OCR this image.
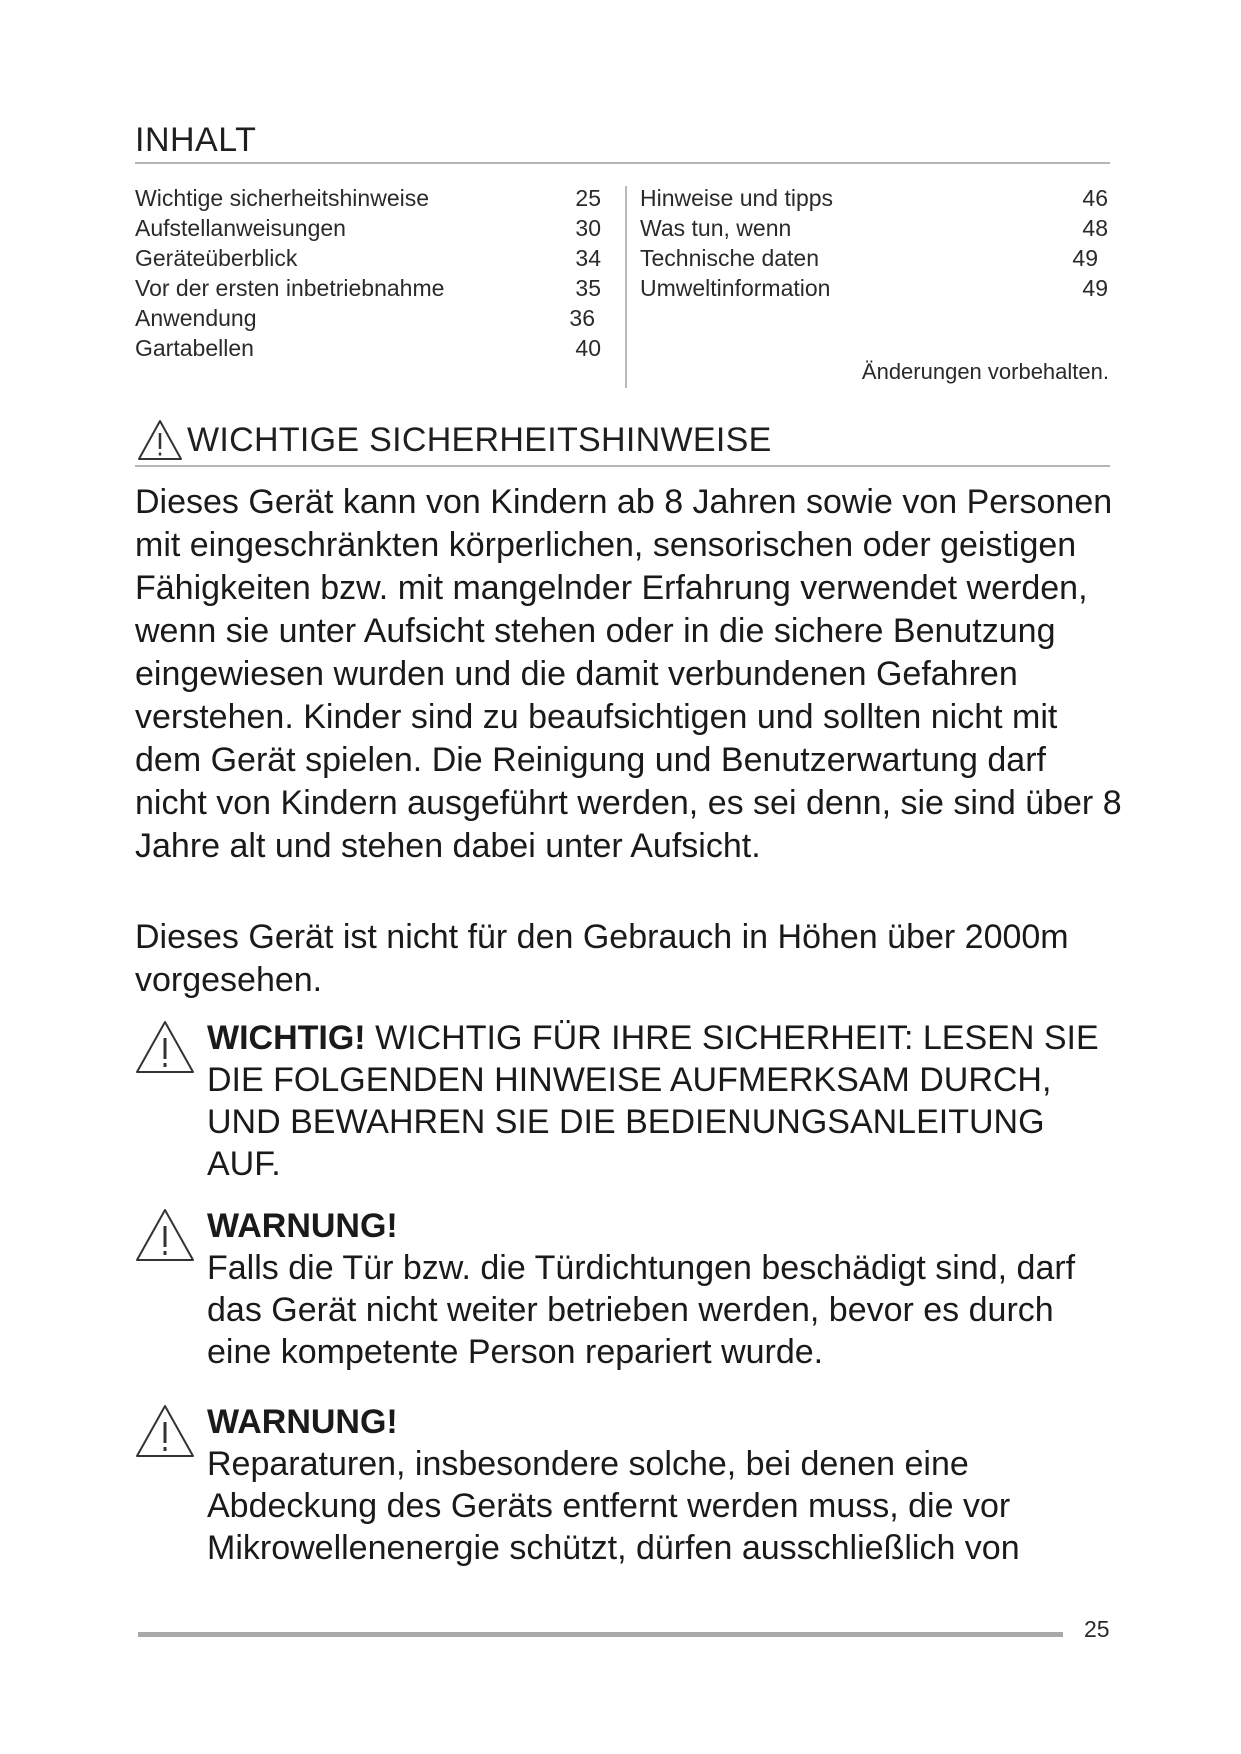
INHALT
Wichtige sicherheitshinweise	25
Aufstellanweisungen	30
Geräteüberblick	34
Vor der ersten inbetriebnahme	35
Anwendung	36
Gartabellen	40
Hinweise und tipps	46
Was tun, wenn	48
Technische daten	49
Umweltinformation	49
Änderungen vorbehalten.
WICHTIGE SICHERHEITSHINWEISE
Dieses Gerät kann von Kindern ab 8 Jahren sowie von Personen mit eingeschränkten körperlichen, sensorischen oder geistigen Fähigkeiten bzw. mit mangelnder Erfahrung verwendet werden, wenn sie unter Aufsicht stehen oder in die sichere Benutzung eingewiesen wurden und die damit verbundenen Gefahren verstehen. Kinder sind zu beaufsichtigen und sollten nicht mit dem Gerät spielen. Die Reinigung und Benutzerwartung darf nicht von Kindern ausgeführt werden, es sei denn, sie sind über 8 Jahre alt und stehen dabei unter Aufsicht.
Dieses Gerät ist nicht für den Gebrauch in Höhen über 2000m vorgesehen.
WICHTIG! WICHTIG FÜR IHRE SICHERHEIT: LESEN SIE DIE FOLGENDEN HINWEISE AUFMERKSAM DURCH, UND BEWAHREN SIE DIE BEDIENUNGSANLEITUNG AUF.
WARNUNG!
Falls die Tür bzw. die Türdichtungen beschädigt sind, darf das Gerät nicht weiter betrieben werden, bevor es durch eine kompetente Person repariert wurde.
WARNUNG!
Reparaturen, insbesondere solche, bei denen eine Abdeckung des Geräts entfernt werden muss, die vor Mikrowellenenergie schützt, dürfen ausschließlich von
25
